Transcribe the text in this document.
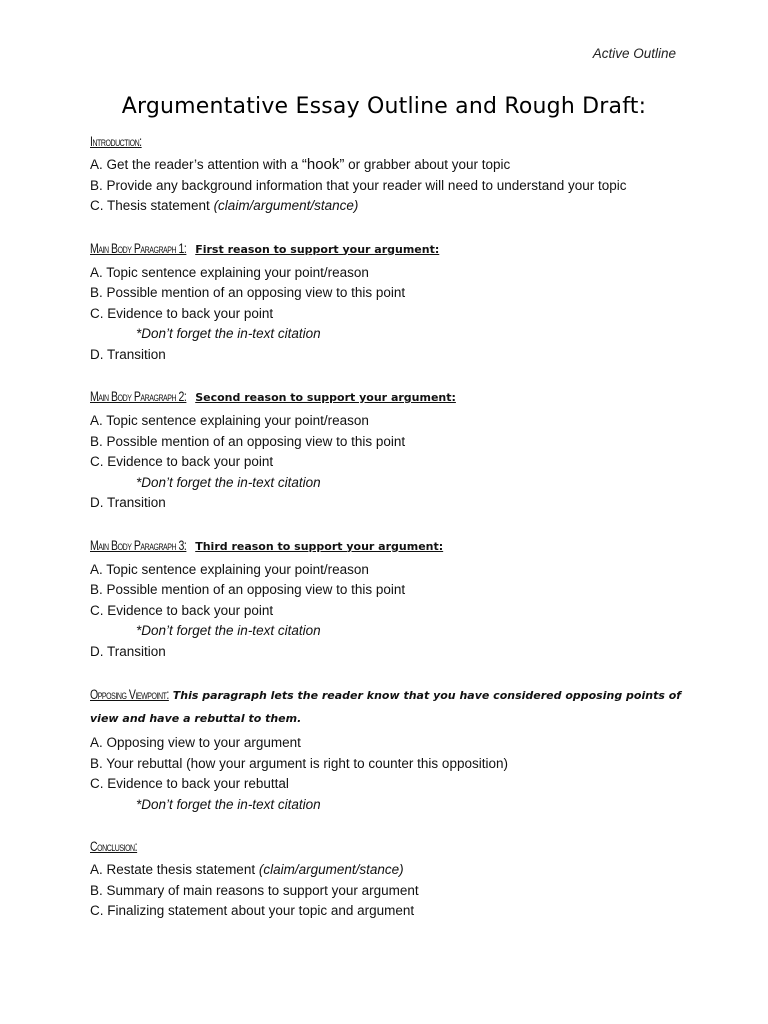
Active Outline
Argumentative Essay Outline and Rough Draft:
Introduction:

A. Get the reader’s attention with a “hook” or grabber about your topic

B. Provide any background information that your reader will need to understand your topic

C. Thesis statement (claim/argument/stance)

Main Body Paragraph 1: First reason to support your argument:

A. Topic sentence explaining your point/reason

B. Possible mention of an opposing view to this point

C. Evidence to back your point

*Don’t forget the in-text citation

D. Transition

Main Body Paragraph 2: Second reason to support your argument:

A. Topic sentence explaining your point/reason

B. Possible mention of an opposing view to this point

C. Evidence to back your point

*Don’t forget the in-text citation

D. Transition

Main Body Paragraph 3: Third reason to support your argument:

A. Topic sentence explaining your point/reason

B. Possible mention of an opposing view to this point

C. Evidence to back your point

*Don’t forget the in-text citation

D. Transition

Opposing Viewpoint: This paragraph lets the reader know that you have considered opposing points of view and have a rebuttal to them.

A. Opposing view to your argument

B. Your rebuttal (how your argument is right to counter this opposition)

C. Evidence to back your rebuttal

*Don’t forget the in-text citation

Conclusion:

A. Restate thesis statement (claim/argument/stance)

B. Summary of main reasons to support your argument

C. Finalizing statement about your topic and argument
